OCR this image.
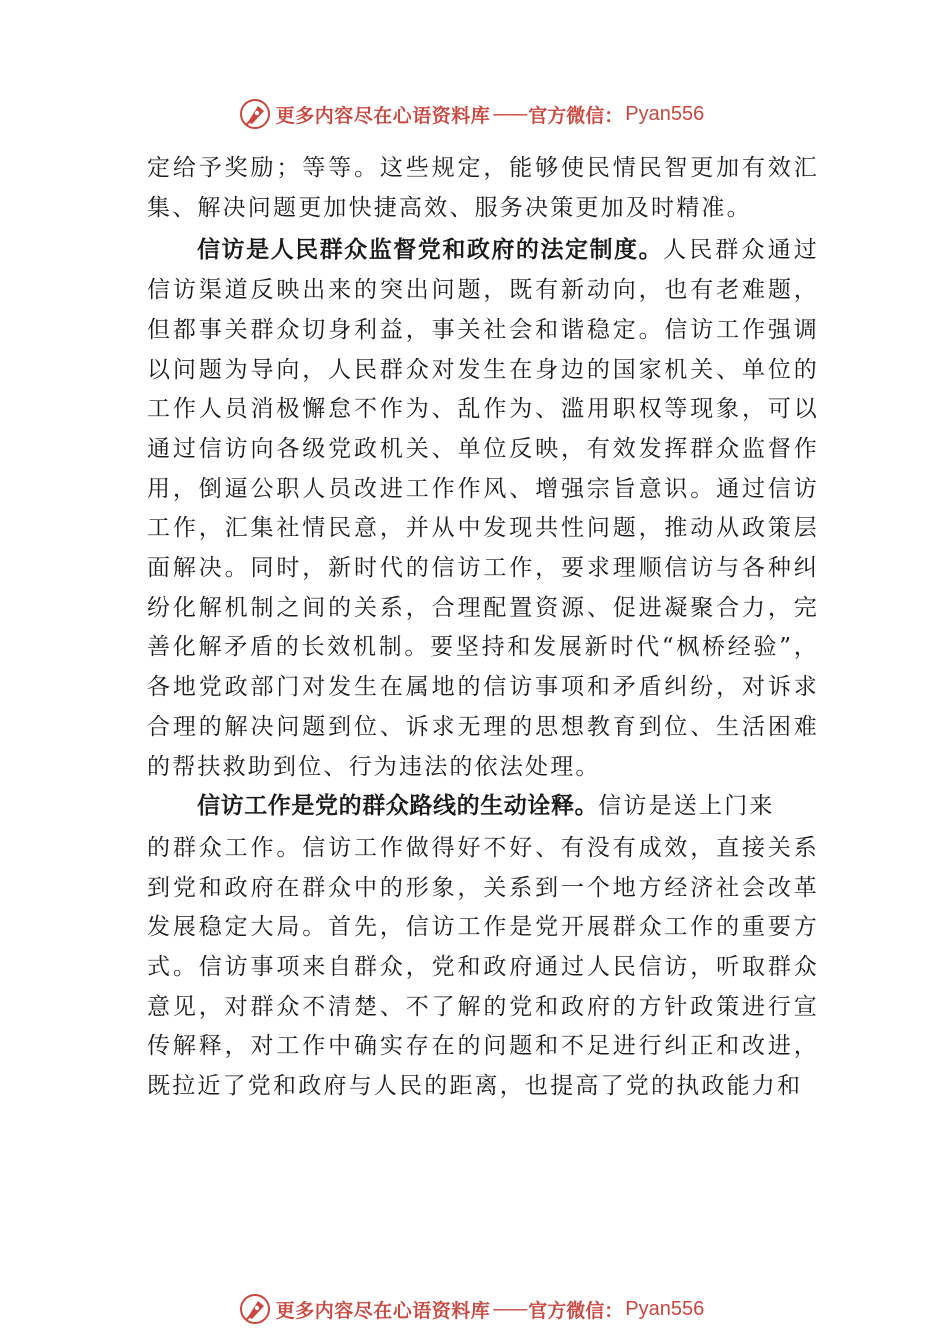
更多内容尽在心语资料库 —— 官方微信： Pyan556

定给予奖励；等等。这些规定，能够使民情民智更加有效汇集、解决问题更加快捷高效、服务决策更加及时精准。

信访是人民群众监督党和政府的法定制度。人民群众通过信访渠道反映出来的突出问题，既有新动向，也有老难题，但都事关群众切身利益，事关社会和谐稳定。信访工作强调以问题为导向，人民群众对发生在身边的国家机关、单位的工作人员消极懈怠不作为、乱作为、滥用职权等现象，可以通过信访向各级党政机关、单位反映，有效发挥群众监督作用，倒逼公职人员改进工作作风、增强宗旨意识。通过信访工作，汇集社情民意，并从中发现共性问题，推动从政策层面解决。同时，新时代的信访工作，要求理顺信访与各种纠纷化解机制之间的关系，合理配置资源、促进凝聚合力，完善化解矛盾的长效机制。要坚持和发展新时代“枫桥经验”，各地党政部门对发生在属地的信访事项和矛盾纠纷，对诉求合理的解决问题到位、诉求无理的思想教育到位、生活困难的帮扶救助到位、行为违法的依法处理。

信访工作是党的群众路线的生动诠释。信访是送上门来

的群众工作。信访工作做得好不好、有没有成效，直接关系到党和政府在群众中的形象，关系到一个地方经济社会改革发展稳定大局。首先，信访工作是党开展群众工作的重要方式。信访事项来自群众，党和政府通过人民信访，听取群众意见，对群众不清楚、不了解的党和政府的方针政策进行宣传解释，对工作中确实存在的问题和不足进行纠正和改进， 既拉近了党和政府与人民的距离，也提高了党的执政能力和

更多内容尽在心语资料库 —— 官方微信： Pyan556
